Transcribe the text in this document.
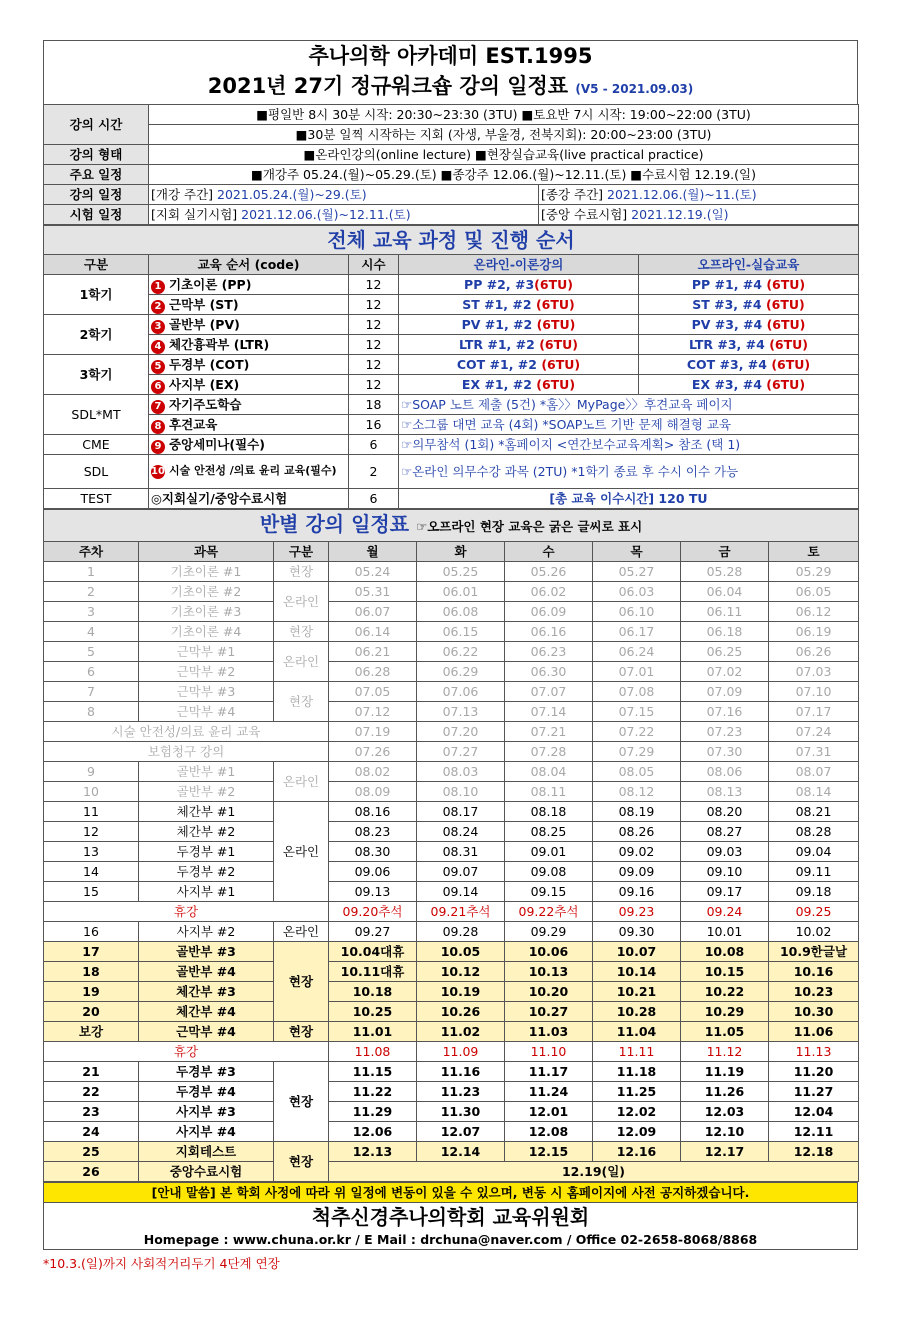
추나의학 아카데미 EST.1995
2021년 27기 정규워크숍 강의 일정표 (V5 - 2021.09.03)
강의 시간	■평일반 8시 30분 시작: 20:30~23:30 (3TU) ■토요반 7시 시작: 19:00~22:00 (3TU)	
	■30분 일찍 시작하는 지회 (자생, 부울경, 전북지회): 20:00~23:00 (3TU)	
강의 형태	■온라인강의(online lecture) ■현장실습교육(live practical practice)	
주요 일정	■개강주 05.24.(월)~05.29.(토) ■종강주 12.06.(월)~12.11.(토) ■수료시험 12.19.(일)	
강의 일정	[개강 주간] 2021.05.24.(월)~29.(토)	[종강 주간] 2021.12.06.(월)~11.(토)
시험 일정	[지회 실기시험] 2021.12.06.(월)~12.11.(토)	[중앙 수료시험] 2021.12.19.(일)
전체 교육 과정 및 진행 순서				
구분	교육 순서 (code)	시수	온라인-이론강의	오프라인-실습교육
1학기	1 기초이론 (PP)	12	PP #2, #3(6TU)	PP #1, #4 (6TU)
	2 근막부 (ST)	12	ST #1, #2 (6TU)	ST #3, #4 (6TU)
2학기	3 골반부 (PV)	12	PV #1, #2 (6TU)	PV #3, #4 (6TU)
	4 체간흉곽부 (LTR)	12	LTR #1, #2 (6TU)	LTR #3, #4 (6TU)
3학기	5 두경부 (COT)	12	COT #1, #2 (6TU)	COT #3, #4 (6TU)
	6 사지부 (EX)	12	EX #1, #2 (6TU)	EX #3, #4 (6TU)
SDL*MT	7 자기주도학습	18	☞SOAP 노트 제출 (5건) *홈〉〉MyPage〉〉후견교육 페이지	
	8 후견교육	16	☞소그룹 대면 교육 (4회) *SOAP노트 기반 문제 해결형 교육	
CME	9 중앙세미나(필수)	6	☞의무참석 (1회) *홈페이지 <연간보수교육계획> 참조 (택 1)	
SDL	10 시술 안전성 /의료 윤리 교육(필수)	2	☞온라인 의무수강 과목 (2TU) *1학기 종료 후 수시 이수 가능	
TEST	◎지회실기/중앙수료시험	6	[총 교육 이수시간] 120 TU	
반별 강의 일정표 ☞오프라인 현장 교육은 굵은 글씨로 표시								
주차	과목	구분	월	화	수	목	금	토
1	기초이론 #1	현장	05.24	05.25	05.26	05.27	05.28	05.29
2	기초이론 #2	온라인	05.31	06.01	06.02	06.03	06.04	06.05
3	기초이론 #3		06.07	06.08	06.09	06.10	06.11	06.12
4	기초이론 #4	현장	06.14	06.15	06.16	06.17	06.18	06.19
5	근막부 #1	온라인	06.21	06.22	06.23	06.24	06.25	06.26
6	근막부 #2		06.28	06.29	06.30	07.01	07.02	07.03
7	근막부 #3	현장	07.05	07.06	07.07	07.08	07.09	07.10
8	근막부 #4		07.12	07.13	07.14	07.15	07.16	07.17
시술 안전성/의료 윤리 교육			07.19	07.20	07.21	07.22	07.23	07.24
보험청구 강의			07.26	07.27	07.28	07.29	07.30	07.31
9	골반부 #1	온라인	08.02	08.03	08.04	08.05	08.06	08.07
10	골반부 #2		08.09	08.10	08.11	08.12	08.13	08.14
11	체간부 #1	온라인	08.16	08.17	08.18	08.19	08.20	08.21
12	체간부 #2		08.23	08.24	08.25	08.26	08.27	08.28
13	두경부 #1		08.30	08.31	09.01	09.02	09.03	09.04
14	두경부 #2		09.06	09.07	09.08	09.09	09.10	09.11
15	사지부 #1		09.13	09.14	09.15	09.16	09.17	09.18
휴강			09.20추석	09.21추석	09.22추석	09.23	09.24	09.25
16	사지부 #2	온라인	09.27	09.28	09.29	09.30	10.01	10.02
17	골반부 #3	현장	10.04대휴	10.05	10.06	10.07	10.08	10.9한글날
18	골반부 #4		10.11대휴	10.12	10.13	10.14	10.15	10.16
19	체간부 #3		10.18	10.19	10.20	10.21	10.22	10.23
20	체간부 #4		10.25	10.26	10.27	10.28	10.29	10.30
보강	근막부 #4	현장	11.01	11.02	11.03	11.04	11.05	11.06
휴강			11.08	11.09	11.10	11.11	11.12	11.13
21	두경부 #3	현장	11.15	11.16	11.17	11.18	11.19	11.20
22	두경부 #4		11.22	11.23	11.24	11.25	11.26	11.27
23	사지부 #3		11.29	11.30	12.01	12.02	12.03	12.04
24	사지부 #4		12.06	12.07	12.08	12.09	12.10	12.11
25	지회테스트	현장	12.13	12.14	12.15	12.16	12.17	12.18
26	중앙수료시험		12.19(일)					
[안내 말씀] 본 학회 사정에 따라 위 일정에 변동이 있을 수 있으며, 변동 시 홈페이지에 사전 공지하겠습니다.
척추신경추나의학회 교육위원회
Homepage : www.chuna.or.kr / E Mail : drchuna@naver.com / Office 02-2658-8068/8868
*10.3.(일)까지 사회적거리두기 4단계 연장
